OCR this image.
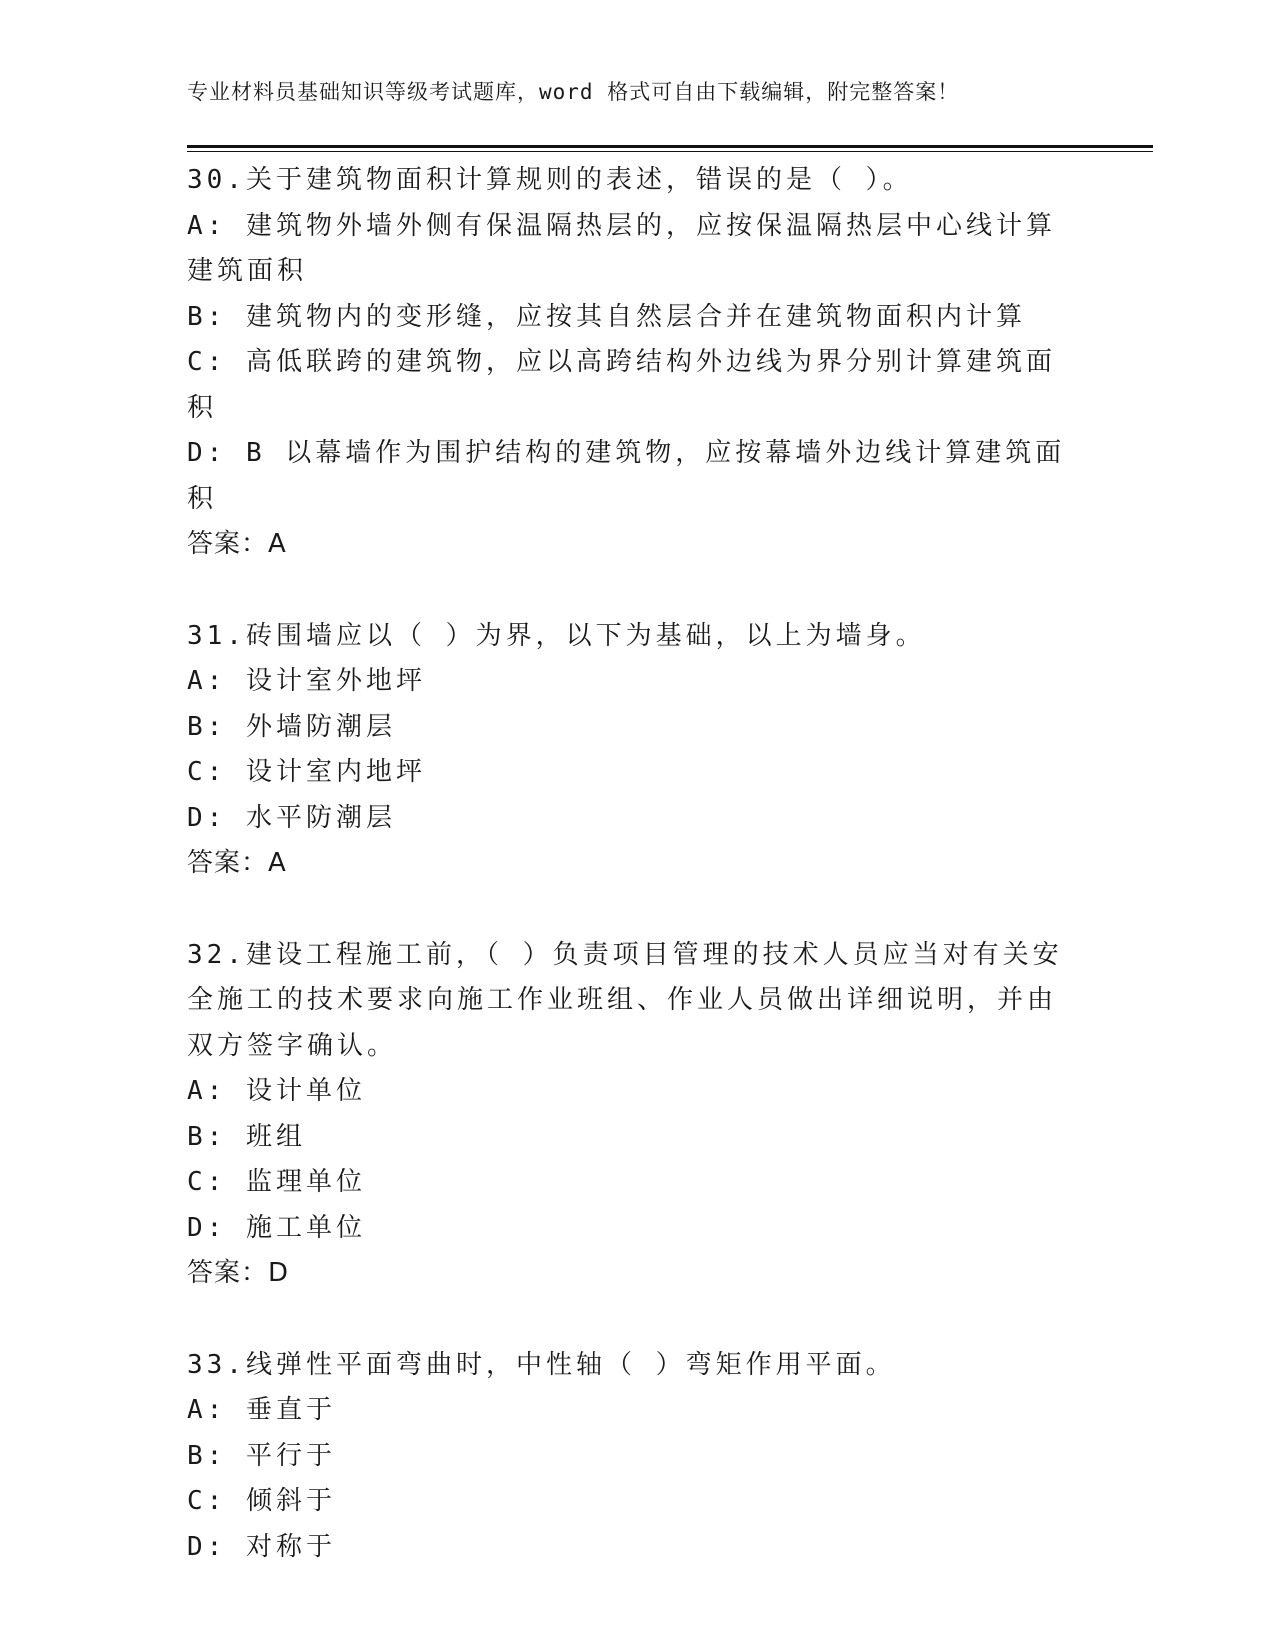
专业材料员基础知识等级考试题库，word 格式可自由下载编辑，附完整答案！
30.关于建筑物面积计算规则的表述，错误的是（ ）。
A: 建筑物外墙外侧有保温隔热层的，应按保温隔热层中心线计算建筑面积
B: 建筑物内的变形缝，应按其自然层合并在建筑物面积内计算
C: 高低联跨的建筑物，应以高跨结构外边线为界分别计算建筑面积
D: B 以幕墙作为围护结构的建筑物，应按幕墙外边线计算建筑面积
答案：A
31.砖围墙应以（ ）为界，以下为基础，以上为墙身。
A: 设计室外地坪
B: 外墙防潮层
C: 设计室内地坪
D: 水平防潮层
答案：A
32.建设工程施工前，（ ）负责项目管理的技术人员应当对有关安全施工的技术要求向施工作业班组、作业人员做出详细说明，并由双方签字确认。
A: 设计单位
B: 班组
C: 监理单位
D: 施工单位
答案：D
33.线弹性平面弯曲时，中性轴（ ）弯矩作用平面。
A: 垂直于
B: 平行于
C: 倾斜于
D: 对称于
